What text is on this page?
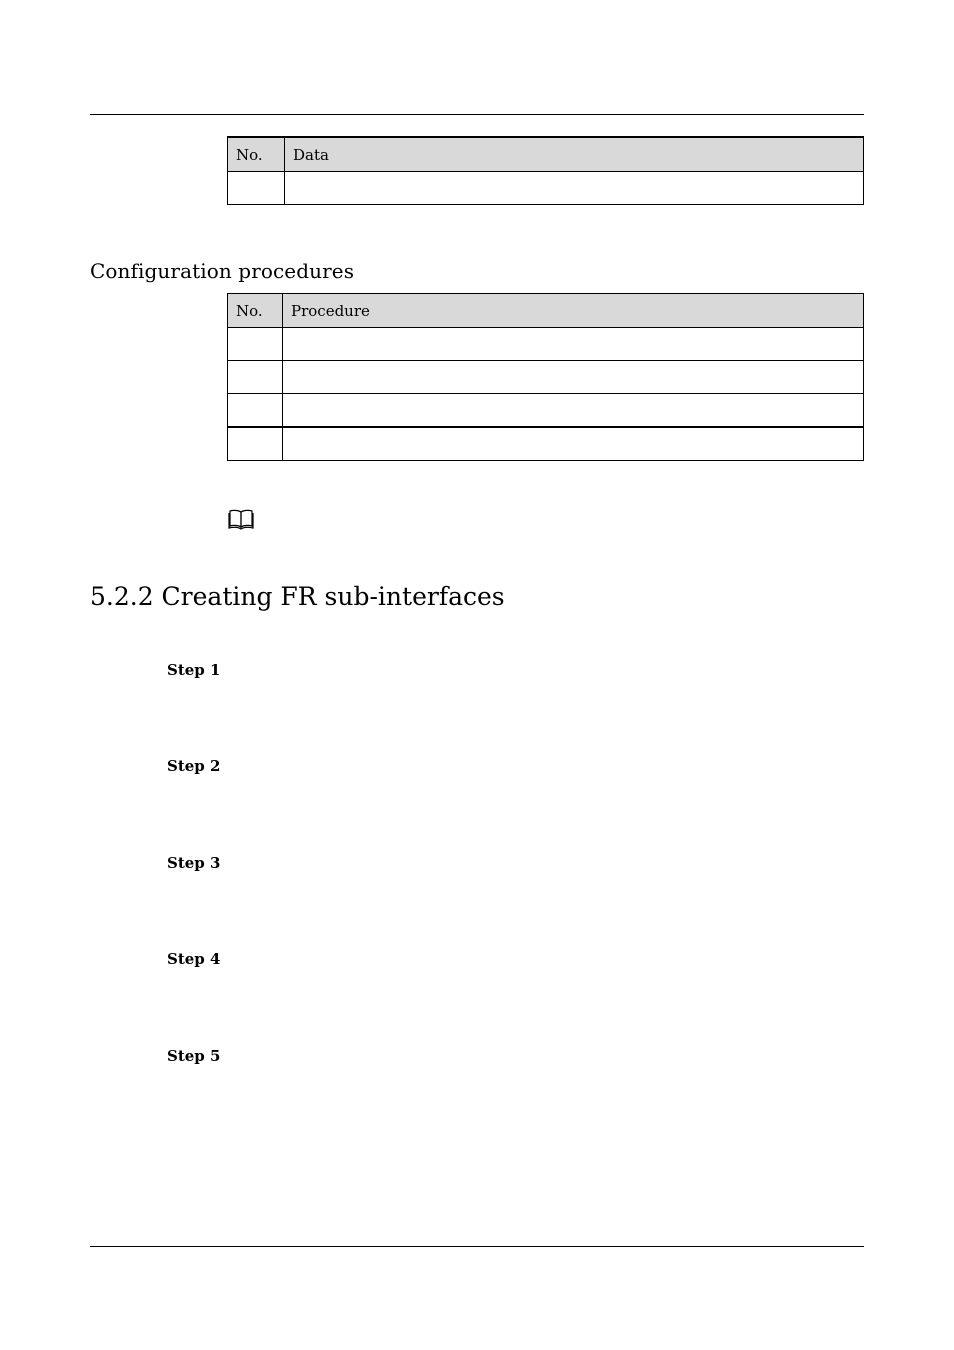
No.	Data

Configuration procedures
No.	Procedure

5.2.2 Creating FR sub-interfaces
Step 1
Step 2
Step 3
Step 4
Step 5
